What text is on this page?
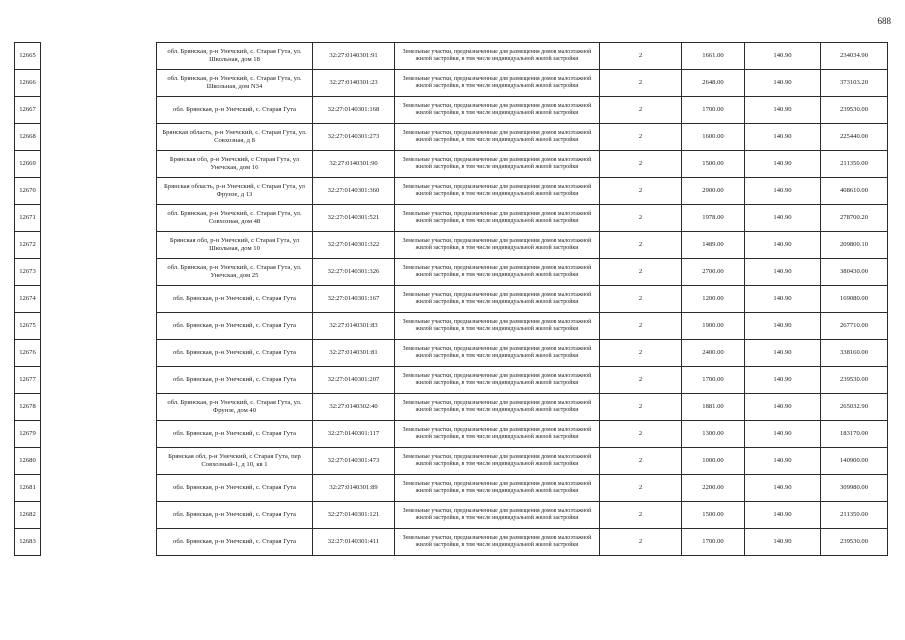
688
12665		обл. Брянская, р-н Унечский, с. Старая Гута, ул. Школьная, дом 18	32:27:0140301:91	Земельные участки, предназначенные для размещения домов малоэтажной жилой застройки, в том числе индивидуальной жилой застройки	2	1661.00	140.90	234034.90
12666		обл. Брянская, р-н Унечский, с. Старая Гута, ул. Школьная, дом N34	32:27:0140301:23	Земельные участки, предназначенные для размещения домов малоэтажной жилой застройки, в том числе индивидуальной жилой застройки	2	2648.00	140.90	373103.20
12667		обл. Брянская, р-н Унечский, с. Старая Гута	32:27:0140301:168	Земельные участки, предназначенные для размещения домов малоэтажной жилой застройки, в том числе индивидуальной жилой застройки	2	1700.00	140.90	239530.00
12668		Брянская область, р-н Унечский, с. Старая Гута, ул. Совхозная, д 8	32:27:0140301:273	Земельные участки, предназначенные для размещения домов малоэтажной жилой застройки, в том числе индивидуальной жилой застройки	2	1600.00	140.90	225440.00
12669		Брянская обл, р-н Унечский, с Старая Гута, ул Унечская, дом 16	32:27:0140301:90	Земельные участки, предназначенные для размещения домов малоэтажной жилой застройки, в том числе индивидуальной жилой застройки	2	1500.00	140.90	211350.00
12670		Брянская область, р-н Унечский, с Старая Гута, ул Фрунзе, д 13	32:27:0140301:360	Земельные участки, предназначенные для размещения домов малоэтажной жилой застройки, в том числе индивидуальной жилой застройки	2	2900.00	140.90	408610.00
12671		обл. Брянская, р-н Унечский, с. Старая Гута, ул. Совхозная, дом 48	32:27:0140301:521	Земельные участки, предназначенные для размещения домов малоэтажной жилой застройки, в том числе индивидуальной жилой застройки	2	1978.00	140.90	278700.20
12672		Брянская обл, р-н Унечский, с Старая Гута, ул Школьная, дом 10	32:27:0140301:322	Земельные участки, предназначенные для размещения домов малоэтажной жилой застройки, в том числе индивидуальной жилой застройки	2	1489.00	140.90	209800.10
12673		обл. Брянская, р-н Унечский, с. Старая Гута, ул. Унечская, дом 25	32:27:0140301:326	Земельные участки, предназначенные для размещения домов малоэтажной жилой застройки, в том числе индивидуальной жилой застройки	2	2700.00	140.90	380430.00
12674		обл. Брянская, р-н Унечский, с. Старая Гута	32:27:0140301:167	Земельные участки, предназначенные для размещения домов малоэтажной жилой застройки, в том числе индивидуальной жилой застройки	2	1200.00	140.90	169080.00
12675		обл. Брянская, р-н Унечский, с. Старая Гута	32:27:0140301:83	Земельные участки, предназначенные для размещения домов малоэтажной жилой застройки, в том числе индивидуальной жилой застройки	2	1900.00	140.90	267710.00
12676		обл. Брянская, р-н Унечский, с. Старая Гута	32:27:0140301:81	Земельные участки, предназначенные для размещения домов малоэтажной жилой застройки, в том числе индивидуальной жилой застройки	2	2400.00	140.90	338160.00
12677		обл. Брянская, р-н Унечский, с. Старая Гута	32:27:0140301:207	Земельные участки, предназначенные для размещения домов малоэтажной жилой застройки, в том числе индивидуальной жилой застройки	2	1700.00	140.90	239530.00
12678		обл. Брянская, р-н Унечский, с. Старая Гута, ул. Фрунзе, дом 40	32:27:0140302:40	Земельные участки, предназначенные для размещения домов малоэтажной жилой застройки, в том числе индивидуальной жилой застройки	2	1881.00	140.90	265032.90
12679		обл. Брянская, р-н Унечский, с. Старая Гута	32:27:0140301:117	Земельные участки, предназначенные для размещения домов малоэтажной жилой застройки, в том числе индивидуальной жилой застройки	2	1300.00	140.90	183170.00
12680		Брянская обл, р-н Унечский, с Старая Гута, пер Совхозный-1, д 10, кв 1	32:27:0140301:473	Земельные участки, предназначенные для размещения домов малоэтажной жилой застройки, в том числе индивидуальной жилой застройки	2	1000.00	140.90	140900.00
12681		обл. Брянская, р-н Унечский, с. Старая Гута	32:27:0140301:89	Земельные участки, предназначенные для размещения домов малоэтажной жилой застройки, в том числе индивидуальной жилой застройки	2	2200.00	140.90	309980.00
12682		обл. Брянская, р-н Унечский, с. Старая Гута	32:27:0140301:121	Земельные участки, предназначенные для размещения домов малоэтажной жилой застройки, в том числе индивидуальной жилой застройки	2	1500.00	140.90	211350.00
12683		обл. Брянская, р-н Унечский, с. Старая Гута	32:27:0140301:411	Земельные участки, предназначенные для размещения домов малоэтажной жилой застройки, в том числе индивидуальной жилой застройки	2	1700.00	140.90	239530.00
